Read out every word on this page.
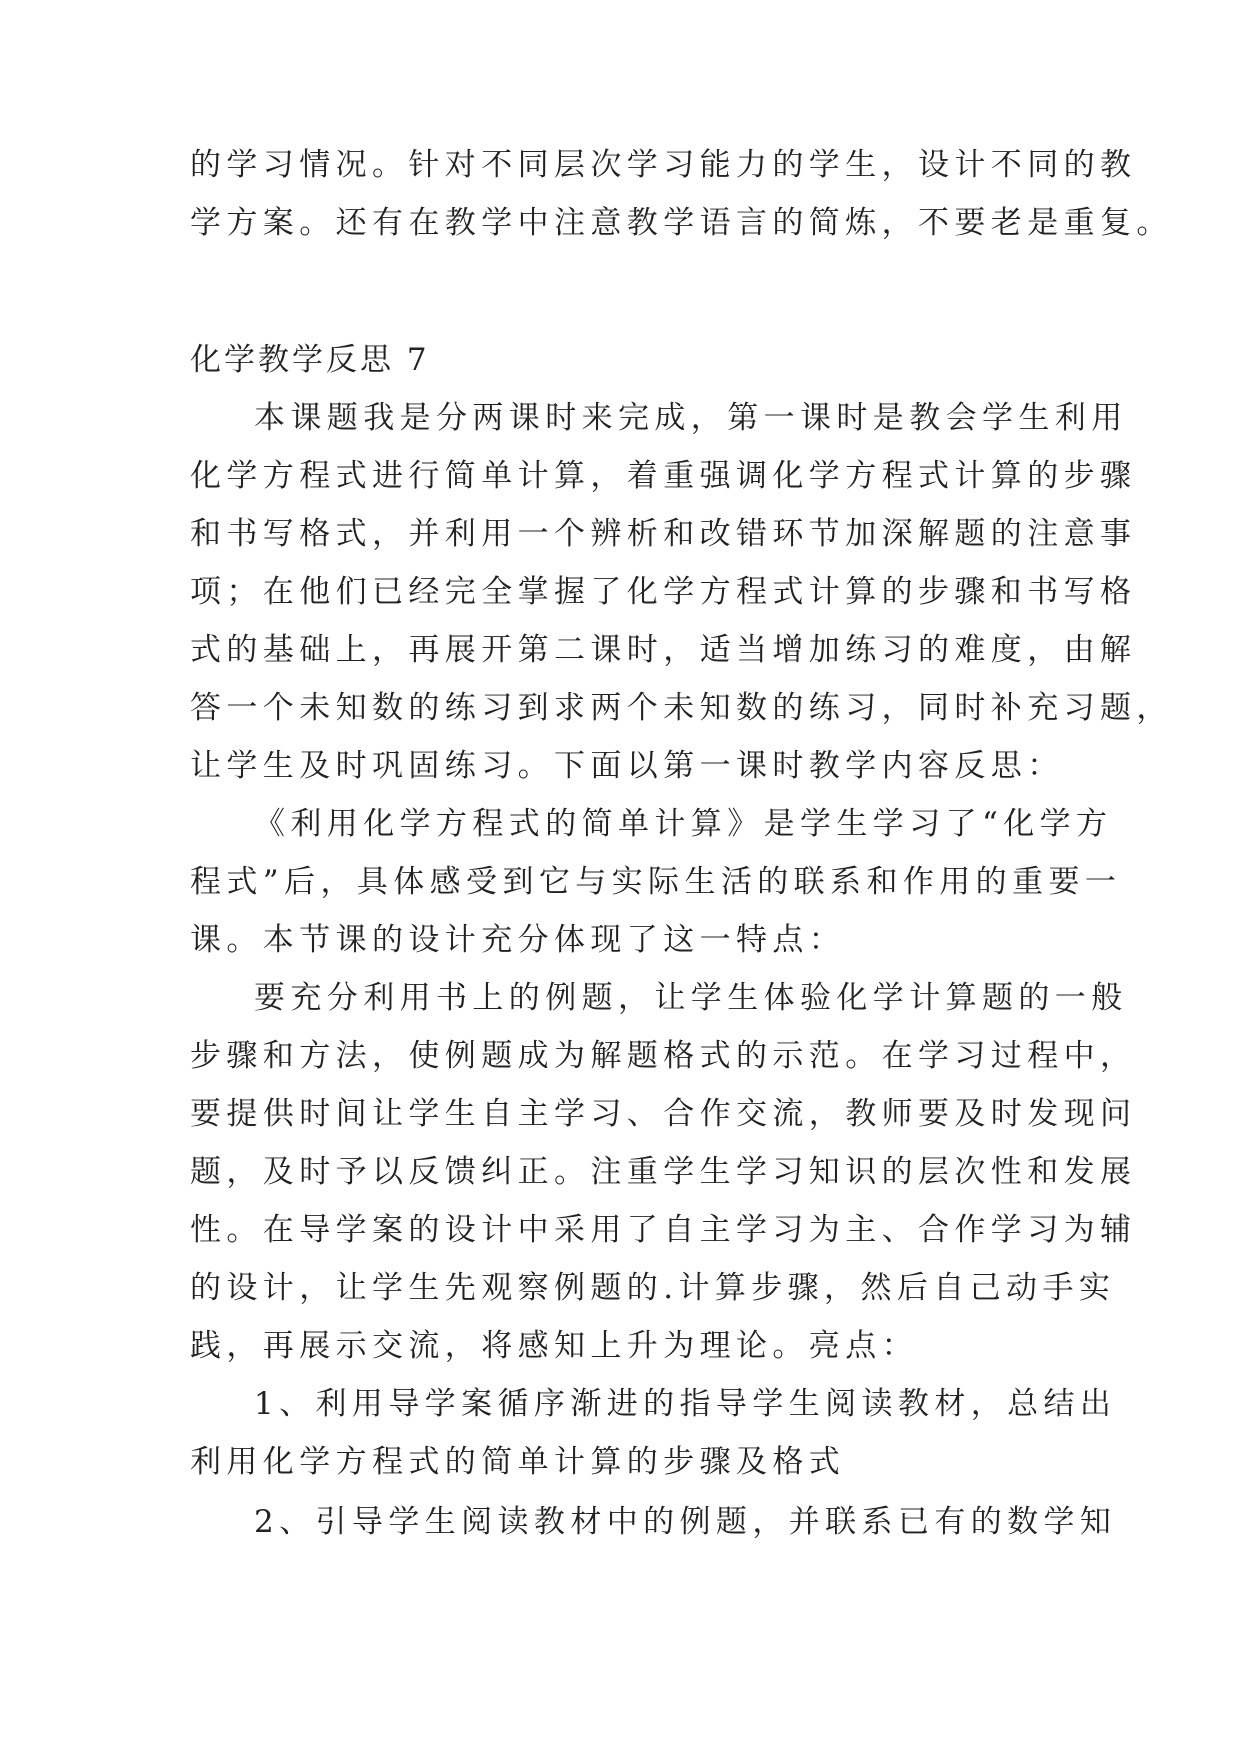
的学习情况。针对不同层次学习能力的学生，设计不同的教
学方案。还有在教学中注意教学语言的简炼，不要老是重复。
化学教学反思 7
本课题我是分两课时来完成，第一课时是教会学生利用
化学方程式进行简单计算，着重强调化学方程式计算的步骤
和书写格式，并利用一个辨析和改错环节加深解题的注意事
项；在他们已经完全掌握了化学方程式计算的步骤和书写格
式的基础上，再展开第二课时，适当增加练习的难度，由解
答一个未知数的练习到求两个未知数的练习，同时补充习题，
让学生及时巩固练习。下面以第一课时教学内容反思：
《利用化学方程式的简单计算》是学生学习了“化学方
程式”后，具体感受到它与实际生活的联系和作用的重要一
课。本节课的设计充分体现了这一特点：
要充分利用书上的例题，让学生体验化学计算题的一般
步骤和方法，使例题成为解题格式的示范。在学习过程中，
要提供时间让学生自主学习、合作交流，教师要及时发现问
题，及时予以反馈纠正。注重学生学习知识的层次性和发展
性。在导学案的设计中采用了自主学习为主、合作学习为辅
的设计，让学生先观察例题的.计算步骤，然后自己动手实
践，再展示交流，将感知上升为理论。亮点：
1、利用导学案循序渐进的指导学生阅读教材，总结出
利用化学方程式的简单计算的步骤及格式
2、引导学生阅读教材中的例题，并联系已有的数学知
